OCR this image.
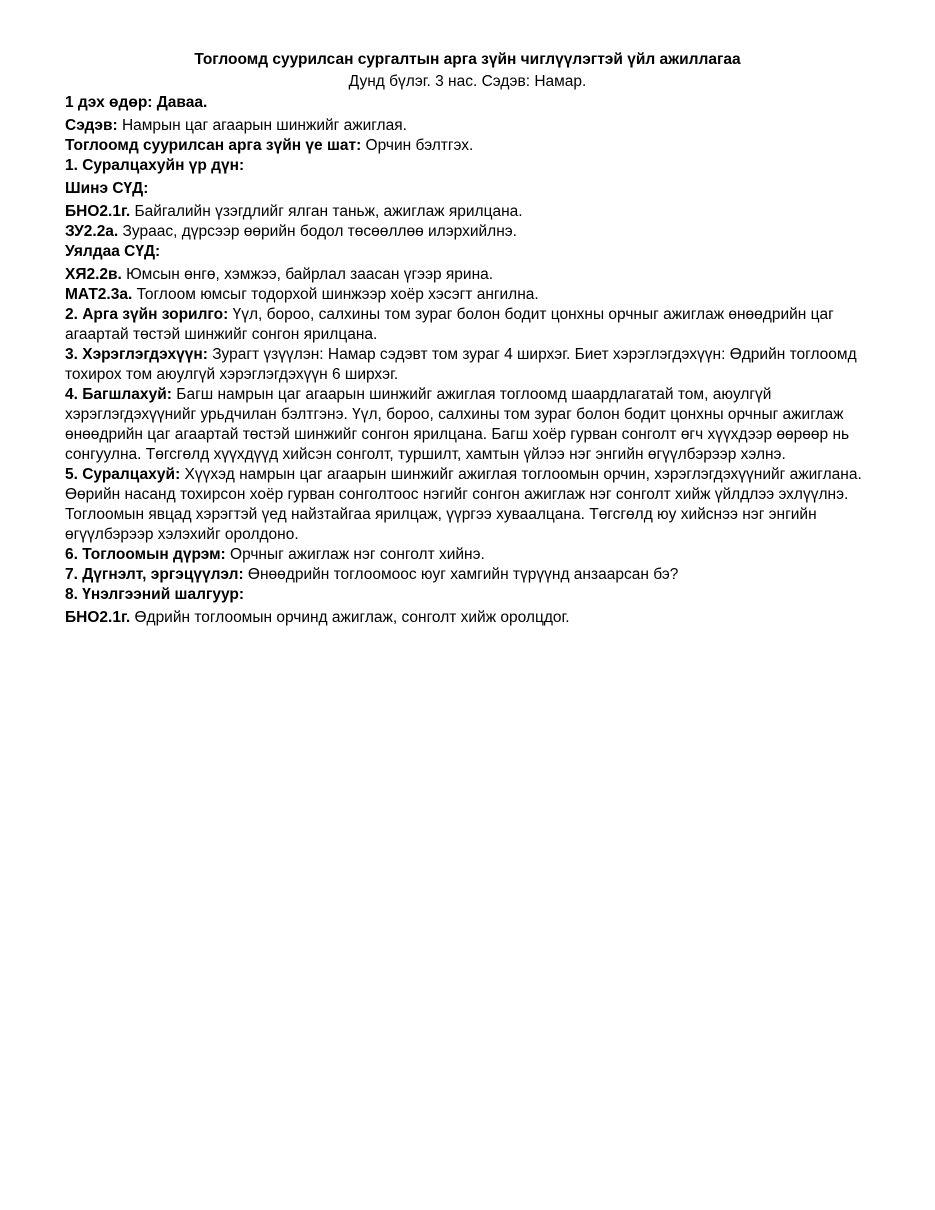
Тоглоомд суурилсан сургалтын арга зүйн чиглүүлэгтэй үйл ажиллагаа

Дунд бүлэг. 3 нас. Сэдэв: Намар.

1 дэх өдөр: Даваа.

Сэдэв: Намрын цаг агаарын шинжийг ажиглая.

Тоглоомд суурилсан арга зүйн үе шат: Орчин бэлтгэх.

1. Суралцахуйн үр дүн:

Шинэ СҮД:

БНО2.1г. Байгалийн үзэгдлийг ялган таньж, ажиглаж ярилцана.

ЗУ2.2а. Зураас, дүрсээр өөрийн бодол төсөөллөө илэрхийлнэ.

Уялдаа СҮД:

ХЯ2.2в. Юмсын өнгө, хэмжээ, байрлал заасан үгээр ярина.

МАТ2.3а. Тоглоом юмсыг тодорхой шинжээр хоёр хэсэгт ангилна.

2. Арга зүйн зорилго: Үүл, бороо, салхины том зураг болон бодит цонхны орчныг ажиглаж өнөөдрийн цаг агаартай төстэй шинжийг сонгон ярилцана.

3. Хэрэглэгдэхүүн: Зурагт үзүүлэн: Намар сэдэвт том зураг 4 ширхэг. Биет хэрэглэгдэхүүн: Өдрийн тоглоомд тохирох том аюулгүй хэрэглэгдэхүүн 6 ширхэг.

4. Багшлахуй: Багш намрын цаг агаарын шинжийг ажиглая тоглоомд шаардлагатай том, аюулгүй хэрэглэгдэхүүнийг урьдчилан бэлтгэнэ. Үүл, бороо, салхины том зураг болон бодит цонхны орчныг ажиглаж өнөөдрийн цаг агаартай төстэй шинжийг сонгон ярилцана. Багш хоёр гурван сонголт өгч хүүхдээр өөрөөр нь сонгуулна. Төгсгөлд хүүхдүүд хийсэн сонголт, туршилт, хамтын үйлээ нэг энгийн өгүүлбэрээр хэлнэ.

5. Суралцахуй: Хүүхэд намрын цаг агаарын шинжийг ажиглая тоглоомын орчин, хэрэглэгдэхүүнийг ажиглана. Өөрийн насанд тохирсон хоёр гурван сонголтоос нэгийг сонгон ажиглаж нэг сонголт хийж үйлдлээ эхлүүлнэ. Тоглоомын явцад хэрэгтэй үед найзтайгаа ярилцаж, үүргээ хуваалцана. Төгсгөлд юу хийснээ нэг энгийн өгүүлбэрээр хэлэхийг оролдоно.

6. Тоглоомын дүрэм: Орчныг ажиглаж нэг сонголт хийнэ.

7. Дүгнэлт, эргэцүүлэл: Өнөөдрийн тоглоомоос юуг хамгийн түрүүнд анзаарсан бэ?

8. Үнэлгээний шалгуур:

БНО2.1г. Өдрийн тоглоомын орчинд ажиглаж, сонголт хийж оролцдог.
